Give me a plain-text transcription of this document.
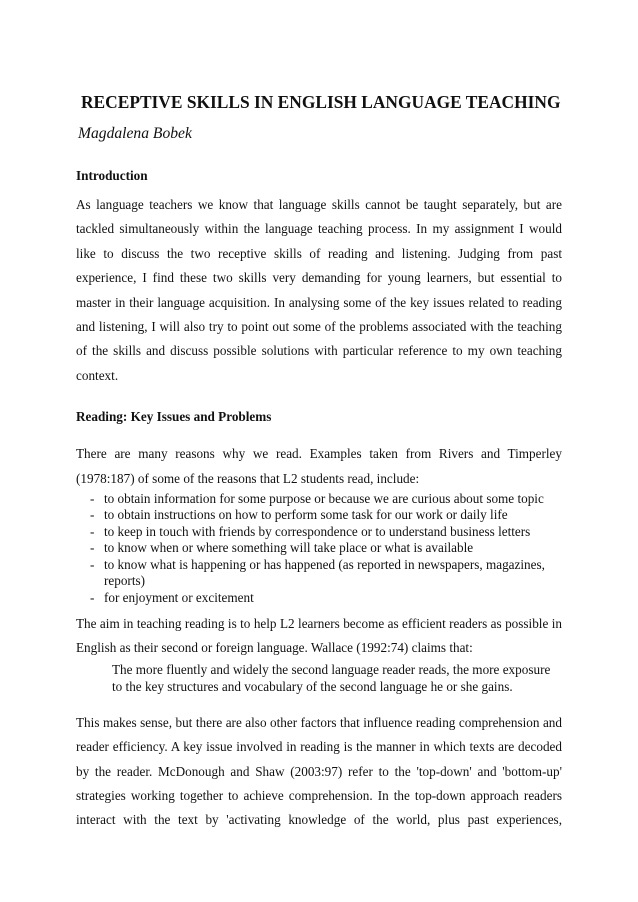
RECEPTIVE SKILLS IN ENGLISH LANGUAGE TEACHING
Magdalena Bobek
Introduction

As language teachers we know that language skills cannot be taught separately, but are tackled simultaneously within the language teaching process. In my assignment I would like to discuss the two receptive skills of reading and listening. Judging from past experience, I find these two skills very demanding for young learners, but essential to master in their language acquisition. In analysing some of the key issues related to reading and listening, I will also try to point out some of the problems associated with the teaching of the skills and discuss possible solutions with particular reference to my own teaching context.

Reading: Key Issues and Problems

There are many reasons why we read. Examples taken from Rivers and Timperley (1978:187) of some of the reasons that L2 students read, include:

- to obtain information for some purpose or because we are curious about some topic
- to obtain instructions on how to perform some task for our work or daily life
- to keep in touch with friends by correspondence or to understand business letters
- to know when or where something will take place or what is available
- to know what is happening or has happened (as reported in newspapers, magazines, reports)
- for enjoyment or excitement

The aim in teaching reading is to help L2 learners become as efficient readers as possible in English as their second or foreign language. Wallace (1992:74) claims that:

The more fluently and widely the second language reader reads, the more exposure to the key structures and vocabulary of the second language he or she gains.

This makes sense, but there are also other factors that influence reading comprehension and reader efficiency. A key issue involved in reading is the manner in which texts are decoded by the reader. McDonough and Shaw (2003:97) refer to the 'top-down' and 'bottom-up' strategies working together to achieve comprehension. In the top-down approach readers interact with the text by 'activating knowledge of the world, plus past experiences,
